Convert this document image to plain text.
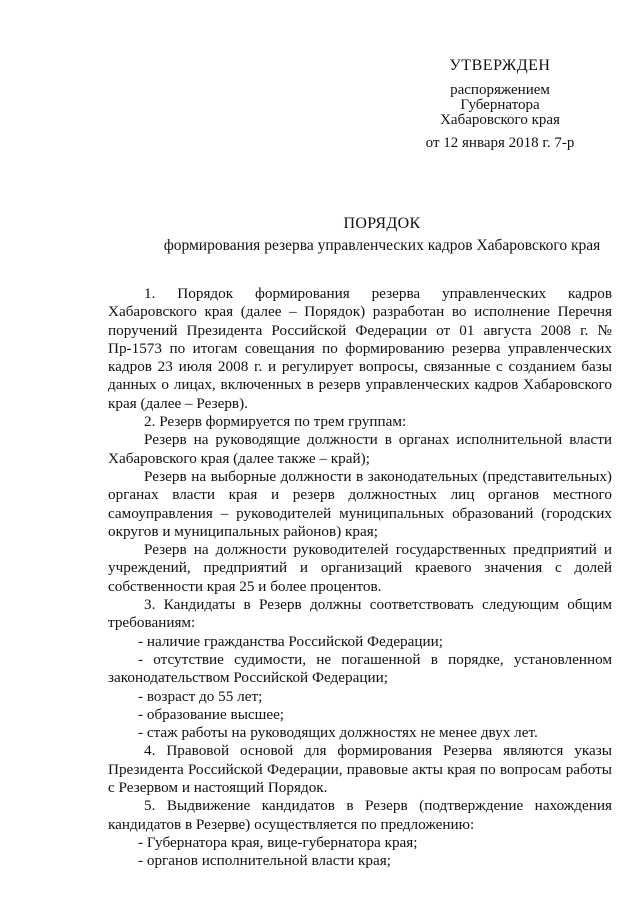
УТВЕРЖДЕН
распоряжением
Губернатора
Хабаровского края
от 12 января 2018 г. 7-р
ПОРЯДОК
формирования резерва управленческих кадров Хабаровского края

1. Порядок формирования резерва управленческих кадров Хабаровского края (далее – Порядок) разработан во исполнение Перечня поручений Президента Российской Федерации от 01 августа 2008 г. № Пр-1573 по итогам совещания по формированию резерва управленческих кадров 23 июля 2008 г. и регулирует вопросы, связанные с созданием базы данных о лицах, включенных в резерв управленческих кадров Хабаровского края (далее – Резерв).

2. Резерв формируется по трем группам:

Резерв на руководящие должности в органах исполнительной власти Хабаровского края (далее также – край);

Резерв на выборные должности в законодательных (представительных) органах власти края и резерв должностных лиц органов местного самоуправления – руководителей муниципальных образований (городских округов и муниципальных районов) края;

Резерв на должности руководителей государственных предприятий и учреждений, предприятий и организаций краевого значения с долей собственности края 25 и более процентов.

3. Кандидаты в Резерв должны соответствовать следующим общим требованиям:

- наличие гражданства Российской Федерации;

- отсутствие судимости, не погашенной в порядке, установленном законодательством Российской Федерации;

- возраст до 55 лет;

- образование высшее;

- стаж работы на руководящих должностях не менее двух лет.

4. Правовой основой для формирования Резерва являются указы Президента Российской Федерации, правовые акты края по вопросам работы с Резервом и настоящий Порядок.

5. Выдвижение кандидатов в Резерв (подтверждение нахождения кандидатов в Резерве) осуществляется по предложению:

- Губернатора края, вице-губернатора края;

- органов исполнительной власти края;
